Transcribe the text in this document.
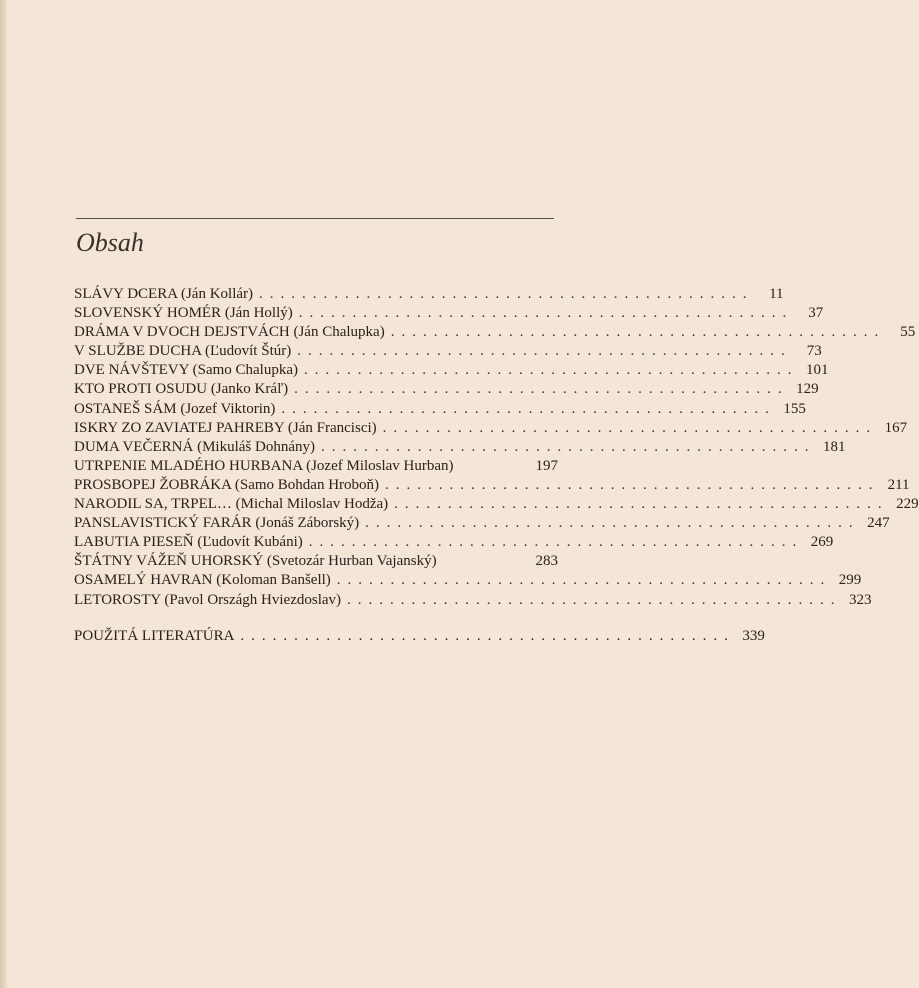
Obsah
SLÁVY DCERA (Ján Kollár) ..............................................	11
SLOVENSKÝ HOMÉR (Ján Hollý) ..............................................	37
DRÁMA V DVOCH DEJSTVÁCH (Ján Chalupka) ..............................................	55
V SLUŽBE DUCHA (Ľudovít Štúr) ..............................................	73
DVE NÁVŠTEVY (Samo Chalupka) .............................................. 101
KTO PROTI OSUDU (Janko Kráľ) .............................................. 129
OSTANEŠ SÁM (Jozef Viktorin) .............................................. 155
ISKRY ZO ZAVIATEJ PAHREBY (Ján Francisci) .............................................. 167
DUMA VEČERNÁ (Mikuláš Dohnány) .............................................. 181
UTRPENIE MLADÉHO HURBANA (Jozef Miloslav Hurban)	197
PROSBOPEJ ŽOBRÁKA (Samo Bohdan Hroboň) .............................................. 211
NARODIL SA, TRPEL… (Michal Miloslav Hodža) .............................................. 229
PANSLAVISTICKÝ FARÁR (Jonáš Záborský) .............................................. 247
LABUTIA PIESEŇ (Ľudovít Kubáni) .............................................. 269
ŠTÁTNY VÁŽEŇ UHORSKÝ (Svetozár Hurban Vajanský)	283
OSAMELÝ HAVRAN (Koloman Banšell) .............................................. 299
LETOROSTY (Pavol Országh Hviezdoslav) .............................................. 323
POUŽITÁ LITERATÚRA .............................................. 339
